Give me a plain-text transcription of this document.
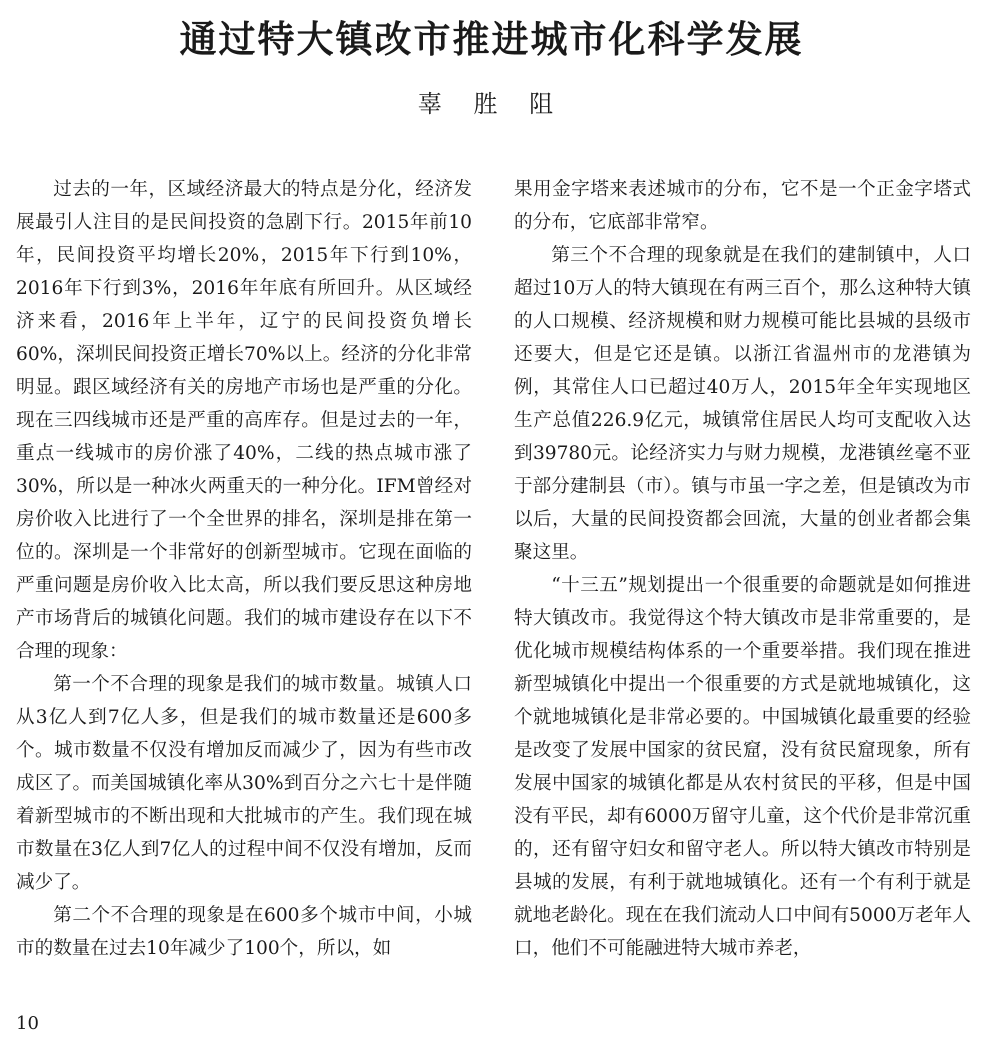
通过特大镇改市推进城市化科学发展
辜 胜 阻

过去的一年，区域经济最大的特点是分化，经济发展最引人注目的是民间投资的急剧下行。2015年前10年，民间投资平均增长20%，2015年下行到10%，2016年下行到3%，2016年年底有所回升。从区域经济来看，2016年上半年，辽宁的民间投资负增长60%，深圳民间投资正增长70%以上。经济的分化非常明显。跟区域经济有关的房地产市场也是严重的分化。现在三四线城市还是严重的高库存。但是过去的一年，重点一线城市的房价涨了40%，二线的热点城市涨了30%，所以是一种冰火两重天的一种分化。IFM曾经对房价收入比进行了一个全世界的排名，深圳是排在第一位的。深圳是一个非常好的创新型城市。它现在面临的严重问题是房价收入比太高，所以我们要反思这种房地产市场背后的城镇化问题。我们的城市建设存在以下不合理的现象：

第一个不合理的现象是我们的城市数量。城镇人口从3亿人到7亿人多，但是我们的城市数量还是600多个。城市数量不仅没有增加反而减少了，因为有些市改成区了。而美国城镇化率从30%到百分之六七十是伴随着新型城市的不断出现和大批城市的产生。我们现在城市数量在3亿人到7亿人的过程中间不仅没有增加，反而减少了。

第二个不合理的现象是在600多个城市中间，小城市的数量在过去10年减少了100个，所以，如

果用金字塔来表述城市的分布，它不是一个正金字塔式的分布，它底部非常窄。

第三个不合理的现象就是在我们的建制镇中，人口超过10万人的特大镇现在有两三百个，那么这种特大镇的人口规模、经济规模和财力规模可能比县城的县级市还要大，但是它还是镇。以浙江省温州市的龙港镇为例，其常住人口已超过40万人，2015年全年实现地区生产总值226.9亿元，城镇常住居民人均可支配收入达到39780元。论经济实力与财力规模，龙港镇丝毫不亚于部分建制县（市）。镇与市虽一字之差，但是镇改为市以后，大量的民间投资都会回流，大量的创业者都会集聚这里。

“十三五”规划提出一个很重要的命题就是如何推进特大镇改市。我觉得这个特大镇改市是非常重要的，是优化城市规模结构体系的一个重要举措。我们现在推进新型城镇化中提出一个很重要的方式是就地城镇化，这个就地城镇化是非常必要的。中国城镇化最重要的经验是改变了发展中国家的贫民窟，没有贫民窟现象，所有发展中国家的城镇化都是从农村贫民的平移，但是中国没有平民，却有6000万留守儿童，这个代价是非常沉重的，还有留守妇女和留守老人。所以特大镇改市特别是县城的发展，有利于就地城镇化。还有一个有利于就是就地老龄化。现在在我们流动人口中间有5000万老年人口，他们不可能融进特大城市养老，

10
